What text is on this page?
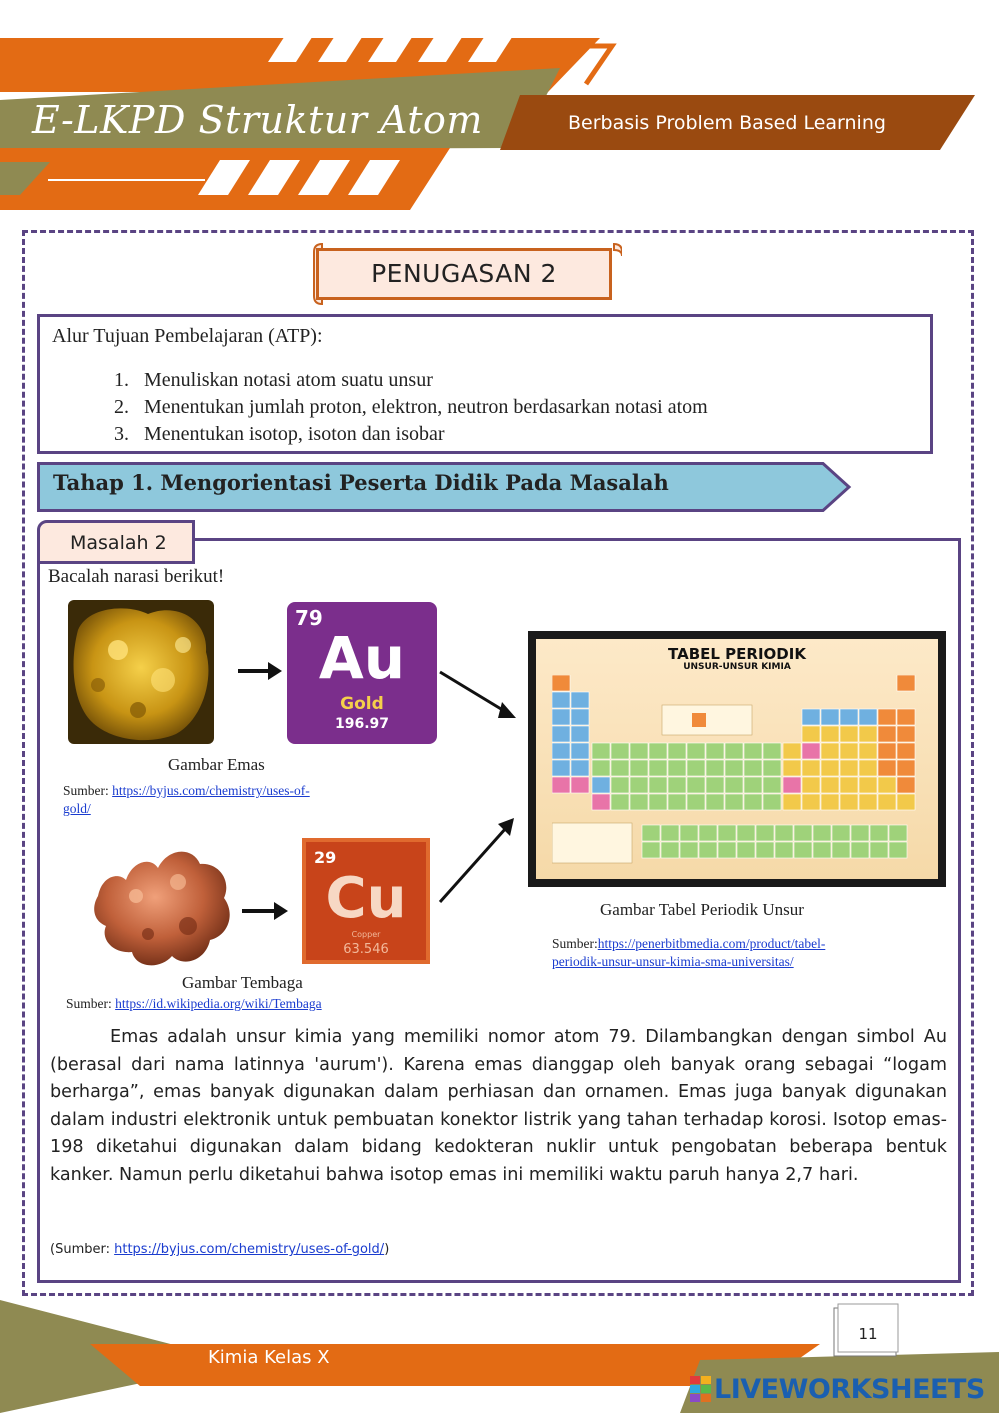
E-LKPD Struktur Atom	Berbasis Problem Based Learning
PENUGASAN 2
Alur Tujuan Pembelajaran (ATP):
1. Menuliskan notasi atom suatu unsur
2. Menentukan jumlah proton, elektron, neutron berdasarkan notasi atom
3. Menentukan isotop, isoton dan isobar
Tahap 1. Mengorientasi Peserta Didik Pada Masalah
Masalah 2
Bacalah narasi berikut!
79
Au
Gold
196.97
Gambar Emas
Sumber: https://byjus.com/chemistry/uses-of-
gold/
TABEL PERIODIK
UNSUR-UNSUR KIMIA
Gambar Tabel Periodik Unsur
Sumber:https://penerbitbmedia.com/product/tabel-
periodik-unsur-unsur-kimia-sma-universitas/
29
Cu
Copper
63.546
Gambar Tembaga
Sumber: https://id.wikipedia.org/wiki/Tembaga
Emas adalah unsur kimia yang memiliki nomor atom 79. Dilambangkan dengan simbol Au (berasal dari nama latinnya 'aurum'). Karena emas dianggap oleh banyak orang sebagai “logam berharga”, emas banyak digunakan dalam perhiasan dan ornamen. Emas juga banyak digunakan dalam industri elektronik untuk pembuatan konektor listrik yang tahan terhadap korosi. Isotop emas-198 diketahui digunakan dalam bidang kedokteran nuklir untuk pengobatan beberapa bentuk kanker. Namun perlu diketahui bahwa isotop emas ini memiliki waktu paruh hanya 2,7 hari.
(Sumber: https://byjus.com/chemistry/uses-of-gold/)
Kimia Kelas X
11
LIVEWORKSHEETS
